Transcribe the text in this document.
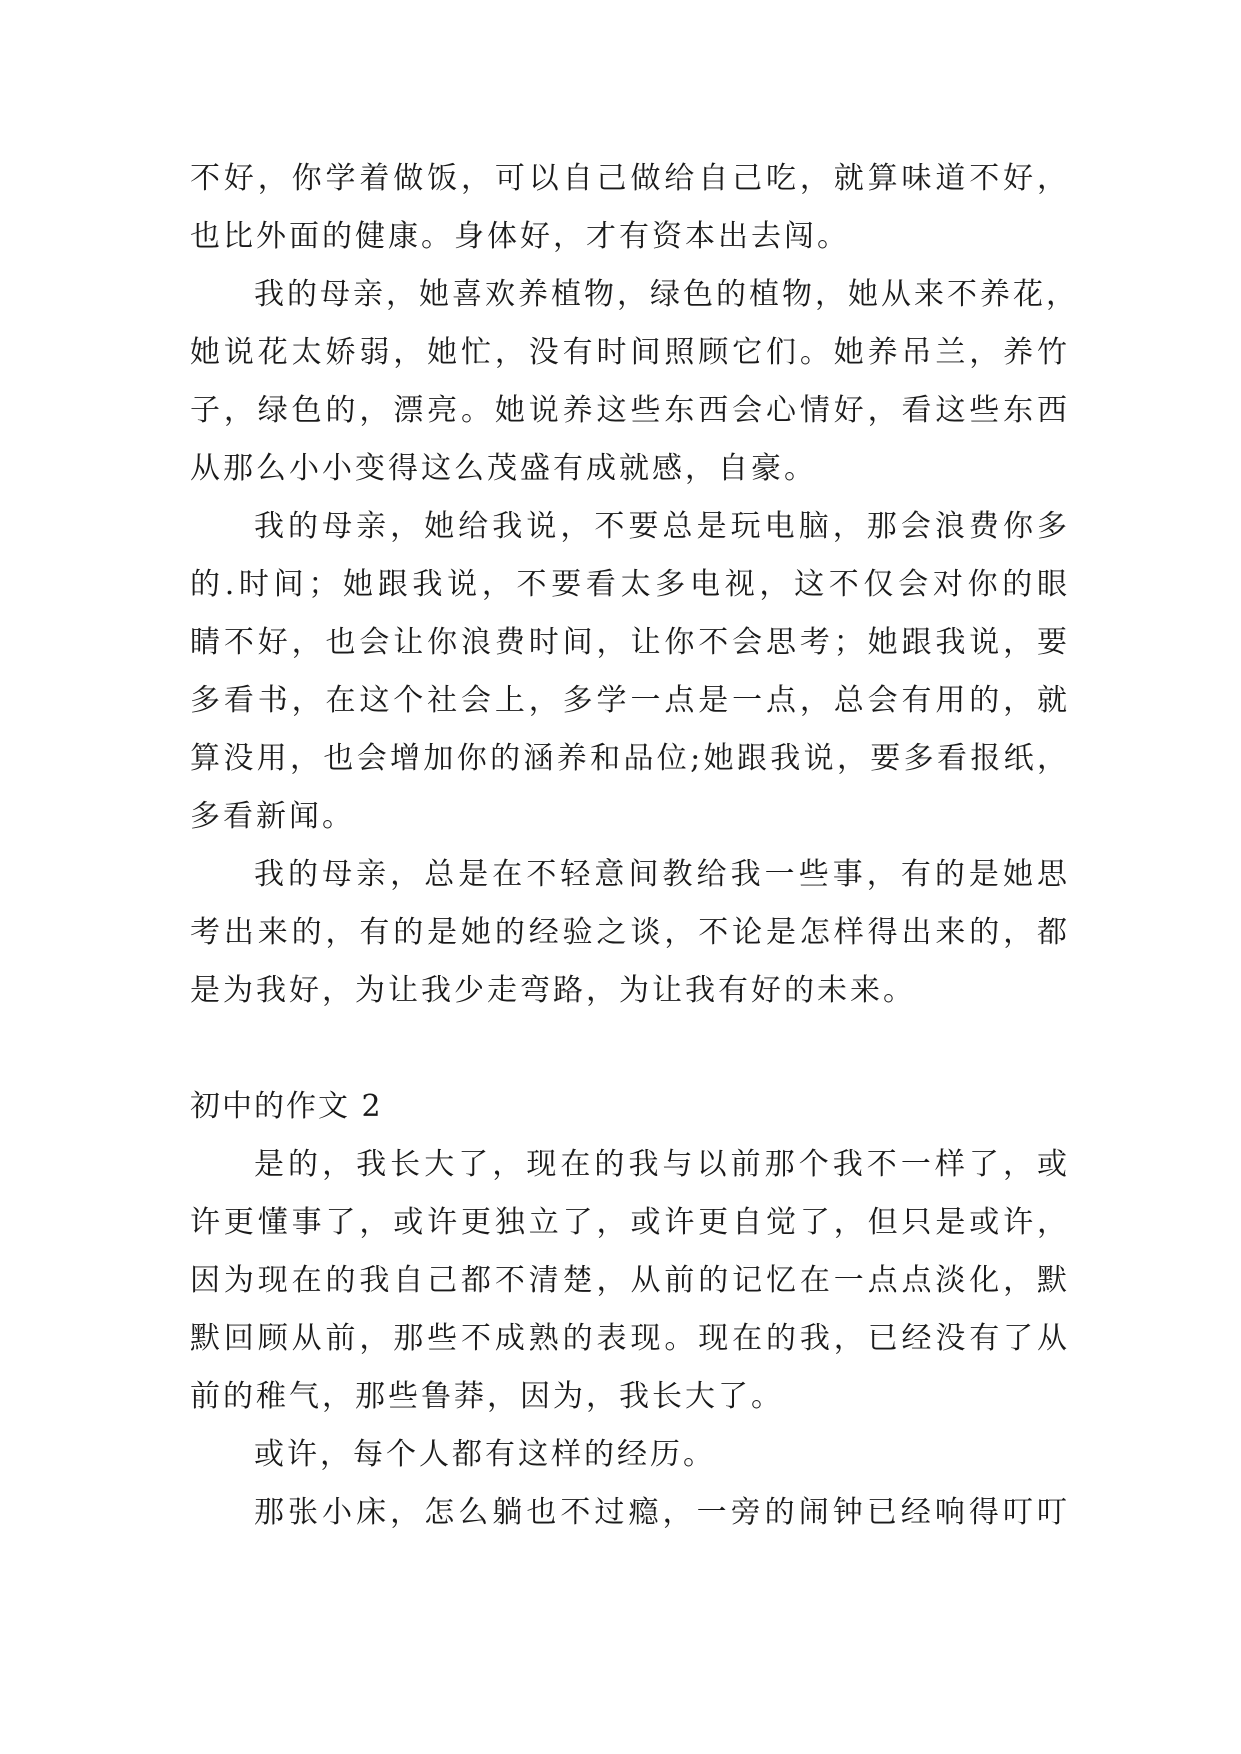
不好，你学着做饭，可以自己做给自己吃，就算味道不好，
也比外面的健康。身体好，才有资本出去闯。
我的母亲，她喜欢养植物，绿色的植物，她从来不养花，
她说花太娇弱，她忙，没有时间照顾它们。她养吊兰，养竹
子，绿色的，漂亮。她说养这些东西会心情好，看这些东西
从那么小小变得这么茂盛有成就感，自豪。
我的母亲，她给我说，不要总是玩电脑，那会浪费你多
的.时间；她跟我说，不要看太多电视，这不仅会对你的眼
睛不好，也会让你浪费时间，让你不会思考；她跟我说，要
多看书，在这个社会上，多学一点是一点，总会有用的，就
算没用，也会增加你的涵养和品位;她跟我说，要多看报纸，
多看新闻。
我的母亲，总是在不轻意间教给我一些事，有的是她思
考出来的，有的是她的经验之谈，不论是怎样得出来的，都
是为我好，为让我少走弯路，为让我有好的未来。
初中的作文 2
是的，我长大了，现在的我与以前那个我不一样了，或
许更懂事了，或许更独立了，或许更自觉了，但只是或许，
因为现在的我自己都不清楚，从前的记忆在一点点淡化，默
默回顾从前，那些不成熟的表现。现在的我，已经没有了从
前的稚气，那些鲁莽，因为，我长大了。
或许，每个人都有这样的经历。
那张小床，怎么躺也不过瘾，一旁的闹钟已经响得叮叮
